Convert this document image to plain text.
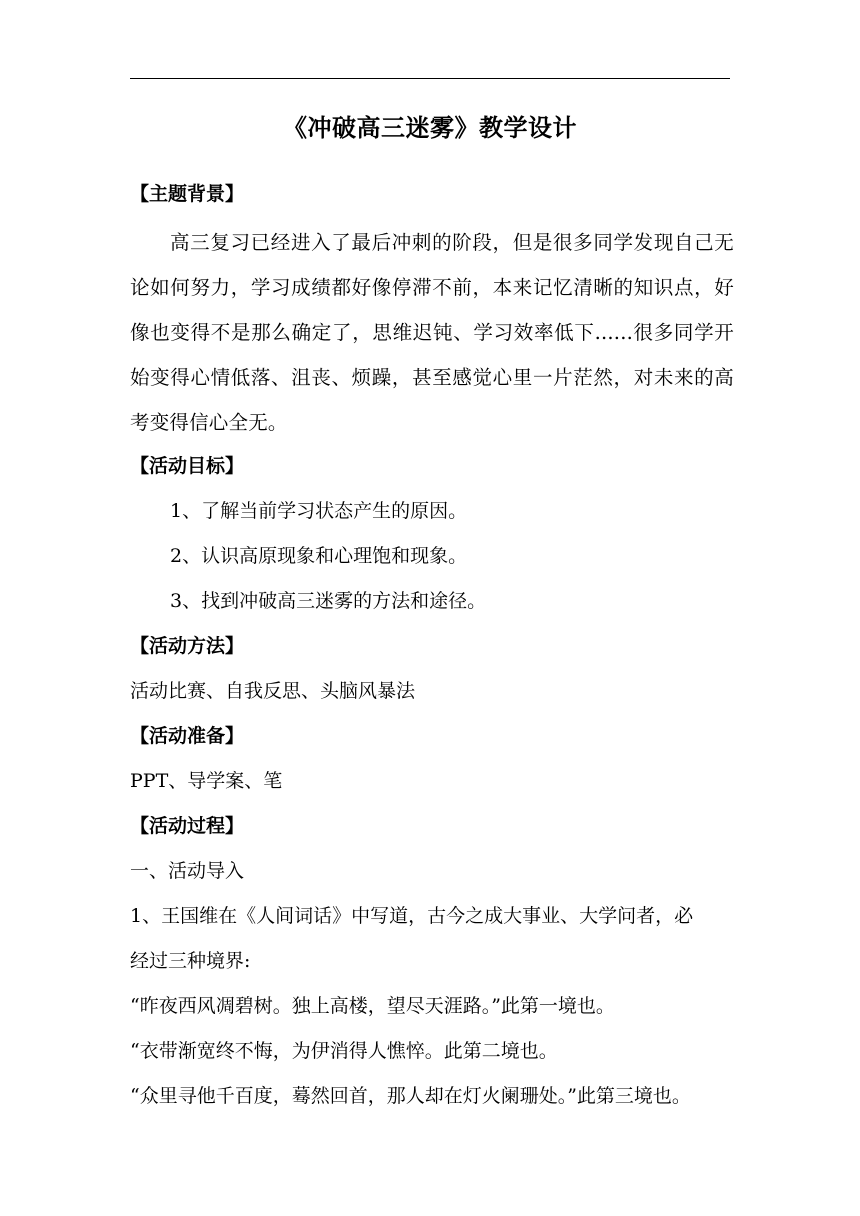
《冲破高三迷雾》教学设计
【主题背景】
高三复习已经进入了最后冲刺的阶段，但是很多同学发现自己无论如何努力，学习成绩都好像停滞不前，本来记忆清晰的知识点，好像也变得不是那么确定了，思维迟钝、学习效率低下......很多同学开始变得心情低落、沮丧、烦躁，甚至感觉心里一片茫然，对未来的高考变得信心全无。
【活动目标】
1、了解当前学习状态产生的原因。
2、认识高原现象和心理饱和现象。
3、找到冲破高三迷雾的方法和途径。
【活动方法】
活动比赛、自我反思、头脑风暴法
【活动准备】
PPT、导学案、笔
【活动过程】
一、活动导入
1、王国维在《人间词话》中写道，古今之成大事业、大学问者，必
经过三种境界:
“昨夜西风凋碧树。独上高楼，望尽天涯路。”此第一境也。
“衣带渐宽终不悔，为伊消得人憔悴。此第二境也。
“众里寻他千百度，蓦然回首，那人却在灯火阑珊处。”此第三境也。
